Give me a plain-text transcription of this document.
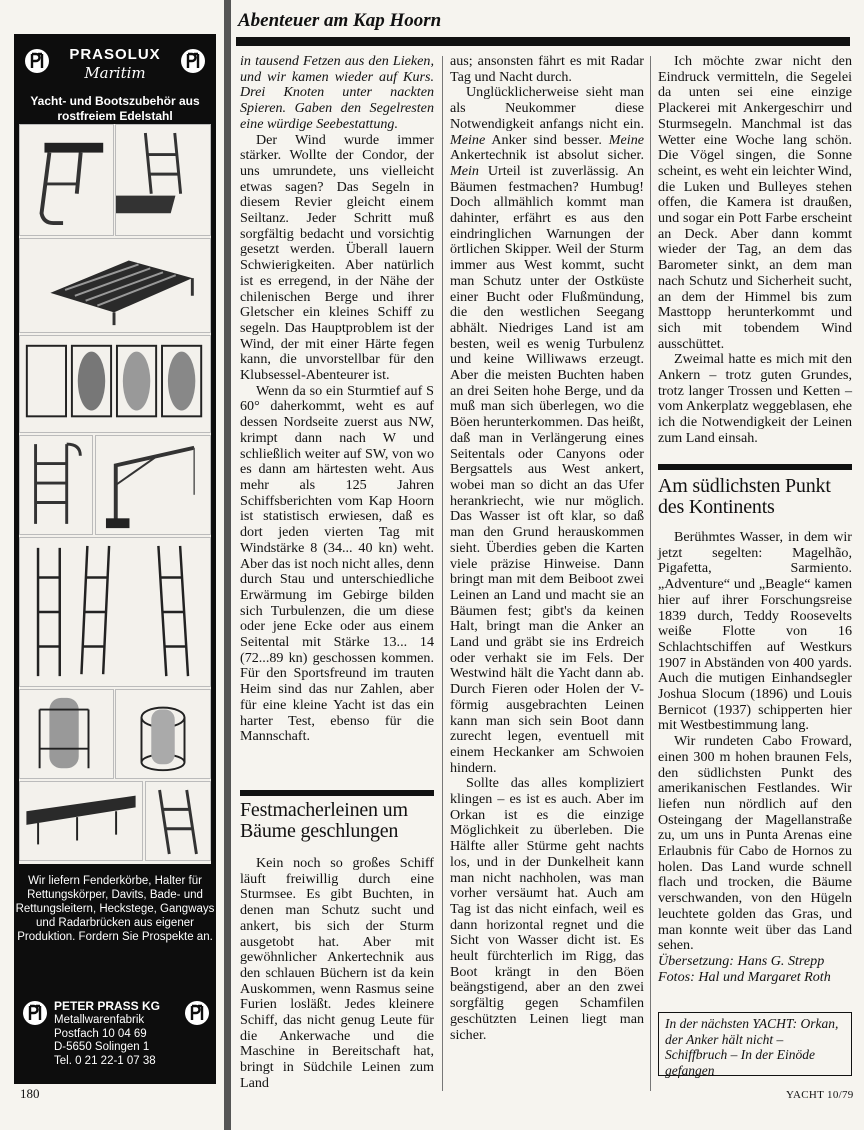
PRASOLUX
Maritim
Yacht- und Bootszubehör aus rostfreiem Edelstahl
Wir liefern Fenderkörbe, Halter für Rettungskörper, Davits, Bade- und Rettungsleitern, Heckstege, Gangways und Radarbrücken aus eigener Produktion. Fordern Sie Prospekte an.
PETER PRASS KG
Metallwarenfabrik
Postfach 10 04 69
D-5650 Solingen 1
Tel. 0 21 22-1 07 38
Abenteuer am Kap Hoorn

in tausend Fetzen aus den Lieken, und wir kamen wieder auf Kurs. Drei Knoten unter nackten Spieren. Gaben den Segelresten eine würdige Seebestattung.

Der Wind wurde immer stärker. Wollte der Condor, der uns umrundete, uns vielleicht etwas sagen? Das Segeln in diesem Revier gleicht einem Seiltanz. Jeder Schritt muß sorgfältig bedacht und vorsichtig gesetzt werden. Überall lauern Schwierigkeiten. Aber natürlich ist es erregend, in der Nähe der chilenischen Berge und ihrer Gletscher ein kleines Schiff zu segeln. Das Hauptproblem ist der Wind, der mit einer Härte fegen kann, die unvorstellbar für den Klubsessel-Abenteurer ist.

Wenn da so ein Sturmtief auf S 60° daherkommt, weht es auf dessen Nordseite zuerst aus NW, krimpt dann nach W und schließlich weiter auf SW, von wo es dann am härtesten weht. Aus mehr als 125 Jahren Schiffsberichten vom Kap Hoorn ist statistisch erwiesen, daß es dort jeden vierten Tag mit Windstärke 8 (34... 40 kn) weht. Aber das ist noch nicht alles, denn durch Stau und unterschiedliche Erwärmung im Gebirge bilden sich Turbulenzen, die um diese oder jene Ecke oder aus einem Seitental mit Stärke 13... 14 (72...89 kn) geschossen kommen. Für den Sportsfreund im trauten Heim sind das nur Zahlen, aber für eine kleine Yacht ist das ein harter Test, ebenso für die Mannschaft.

Festmacherleinen um Bäume geschlungen

Kein noch so großes Schiff läuft freiwillig durch eine Sturmsee. Es gibt Buchten, in denen man Schutz sucht und ankert, bis sich der Sturm ausgetobt hat. Aber mit gewöhnlicher Ankertechnik aus den schlauen Büchern ist da kein Auskommen, wenn Rasmus seine Furien losläßt. Jedes kleinere Schiff, das nicht genug Leute für die Ankerwache und die Maschine in Bereitschaft hat, bringt in Südchile Leinen zum Land

aus; ansonsten fährt es mit Radar Tag und Nacht durch.

Unglücklicherweise sieht man als Neukommer diese Notwendigkeit anfangs nicht ein. Meine Anker sind besser. Meine Ankertechnik ist absolut sicher. Mein Urteil ist zuverlässig. An Bäumen festmachen? Humbug! Doch allmählich kommt man dahinter, erfährt es aus den eindringlichen Warnungen der örtlichen Skipper. Weil der Sturm immer aus West kommt, sucht man Schutz unter der Ostküste einer Bucht oder Flußmündung, die den westlichen Seegang abhält. Niedriges Land ist am besten, weil es wenig Turbulenz und keine Williwaws erzeugt. Aber die meisten Buchten haben an drei Seiten hohe Berge, und da muß man sich überlegen, wo die Böen herunterkommen. Das heißt, daß man in Verlängerung eines Seitentals oder Canyons oder Bergsattels aus West ankert, wobei man so dicht an das Ufer herankriecht, wie nur möglich. Das Wasser ist oft klar, so daß man den Grund herauskommen sieht. Überdies geben die Karten viele präzise Hinweise. Dann bringt man mit dem Beiboot zwei Leinen an Land und macht sie an Bäumen fest; gibt's da keinen Halt, bringt man die Anker an Land und gräbt sie ins Erdreich oder verhakt sie im Fels. Der Westwind hält die Yacht dann ab. Durch Fieren oder Holen der V-förmig ausgebrachten Leinen kann man sich sein Boot dann zurecht legen, eventuell mit einem Heckanker am Schwoien hindern.

Sollte das alles kompliziert klingen – es ist es auch. Aber im Orkan ist es die einzige Möglichkeit zu überleben. Die Hälfte aller Stürme geht nachts los, und in der Dunkelheit kann man nicht nachholen, was man vorher versäumt hat. Auch am Tag ist das nicht einfach, weil es dann horizontal regnet und die Sicht von Wasser dicht ist. Es heult fürchterlich im Rigg, das Boot krängt in den Böen beängstigend, aber an den zwei sorgfältig gegen Schamfilen geschützten Leinen liegt man sicher.

Ich möchte zwar nicht den Eindruck vermitteln, die Segelei da unten sei eine einzige Plackerei mit Ankergeschirr und Sturmsegeln. Manchmal ist das Wetter eine Woche lang schön. Die Vögel singen, die Sonne scheint, es weht ein leichter Wind, die Luken und Bulleyes stehen offen, die Kamera ist draußen, und sogar ein Pott Farbe erscheint an Deck. Aber dann kommt wieder der Tag, an dem das Barometer sinkt, an dem man nach Schutz und Sicherheit sucht, an dem der Himmel bis zum Masttopp herunterkommt und sich mit tobendem Wind ausschüttet.

Zweimal hatte es mich mit den Ankern – trotz guten Grundes, trotz langer Trossen und Ketten – vom Ankerplatz weggeblasen, ehe ich die Notwendigkeit der Leinen zum Land einsah.

Am südlichsten Punkt des Kontinents

Berühmtes Wasser, in dem wir jetzt segelten: Magelhão, Pigafetta, Sarmiento. „Adventure“ und „Beagle“ kamen hier auf ihrer Forschungsreise 1839 durch, Teddy Roosevelts weiße Flotte von 16 Schlachtschiffen auf Westkurs 1907 in Abständen von 400 yards. Auch die mutigen Einhandsegler Joshua Slocum (1896) und Louis Bernicot (1937) schipperten hier mit Westbestimmung lang.

Wir rundeten Cabo Froward, einen 300 m hohen braunen Fels, den südlichsten Punkt des amerikanischen Festlandes. Wir liefen nun nördlich auf den Osteingang der Magellanstraße zu, um uns in Punta Arenas eine Erlaubnis für Cabo de Hornos zu holen. Das Land wurde schnell flach und trocken, die Bäume verschwanden, von den Hügeln leuchtete golden das Gras, und man konnte weit über das Land sehen.

Übersetzung: Hans G. Strepp

Fotos: Hal und Margaret Roth

In der nächsten YACHT: Orkan, der Anker hält nicht – Schiffbruch – In der Einöde gefangen
180	YACHT 10/79
